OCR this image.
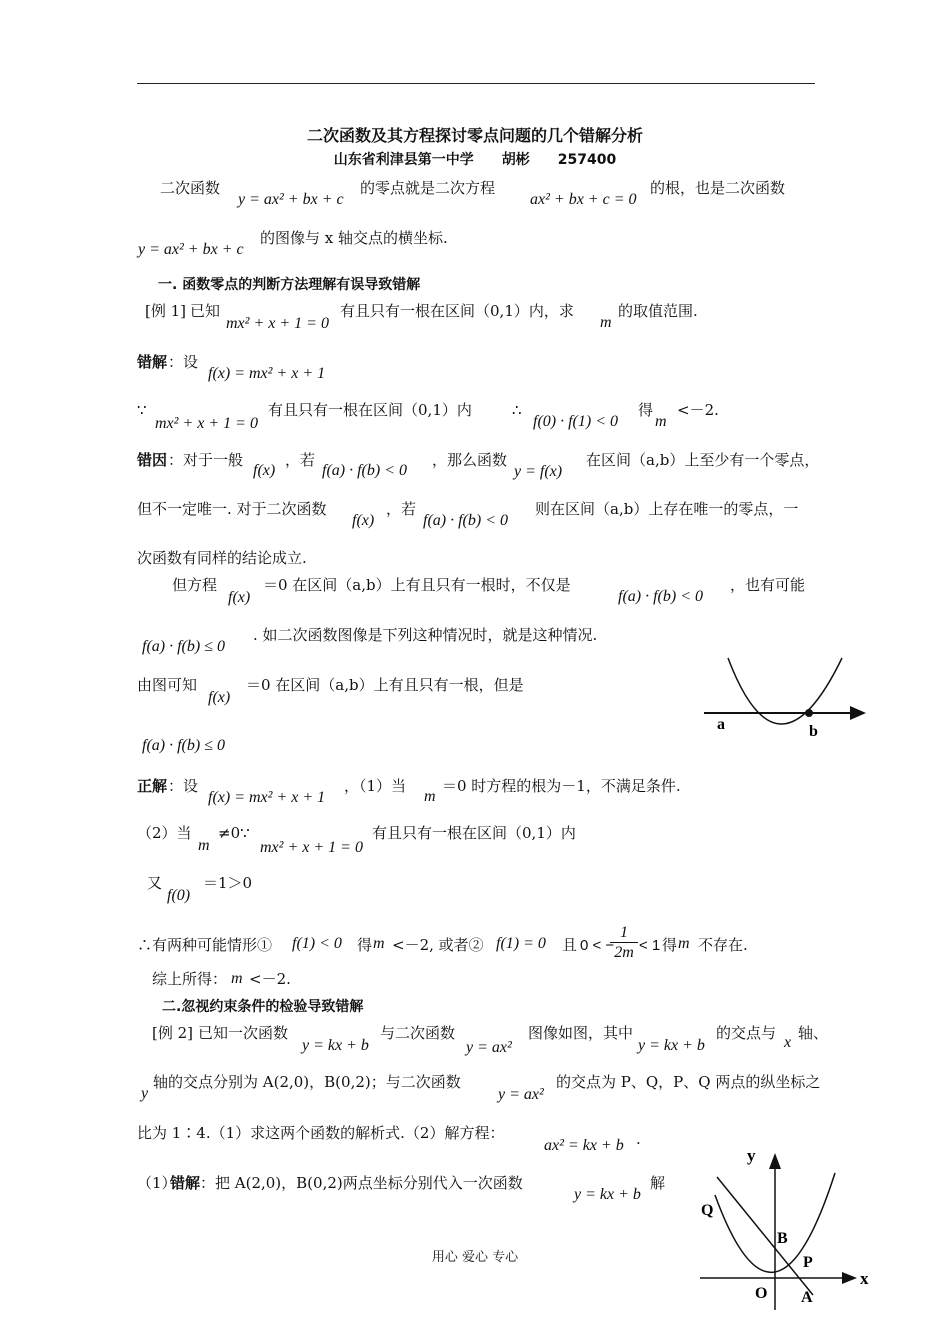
二次函数及其方程探讨零点问题的几个错解分析
山东省利津县第一中学　　胡彬　　257400
二次函数
y = ax² + bx + c
的零点就是二次方程
ax² + bx + c = 0
的根，也是二次函数
y = ax² + bx + c
的图像与 x 轴交点的横坐标.
一. 函数零点的判断方法理解有误导致错解
[例 1] 已知
mx² + x + 1 = 0
有且只有一根在区间（0,1）内，求
m
的取值范围.
错解 ：设
f(x) = mx² + x + 1
∵
mx² + x + 1 = 0
有且只有一根在区间（0,1）内	∴
f(0) · f(1) < 0
得
m
<－2.
错因 ：对于一般
f(x)
，若
f(a) · f(b) < 0
，那么函数
y = f(x)
在区间（a,b）上至少有一个零点，
但不一定唯一. 对于二次函数
f(x)
，若
f(a) · f(b) < 0
则在区间（a,b）上存在唯一的零点，一
次函数有同样的结论成立.
但方程
f(x)
＝0 在区间（a,b）上有且只有一根时，不仅是
f(a) · f(b) < 0
，也有可能
f(a) · f(b) ≤ 0
. 如二次函数图像是下列这种情况时，就是这种情况.
由图可知
f(x)
＝0 在区间（a,b）上有且只有一根，但是
f(a) · f(b) ≤ 0
a	b
正解 ：设
f(x) = mx² + x + 1
，（1）当
m
＝0 时方程的根为－1，不满足条件.
（2）当
m
≠0∵
mx² + x + 1 = 0
有且只有一根在区间（0,1）内
又
f(0)
＝1＞0
∴有两种可能情形① f(1) < 0 得 m <－2, 或者② f(1) = 0 且 0 < −
1
2m < 1 得 m 不存在.
综上所得： m <－2.
二.忽视约束条件的检验导致错解
[例 2] 已知一次函数
y = kx + b
与二次函数
y = ax²
图像如图，其中
y = kx + b
的交点与
x
轴、
y
轴的交点分别为 A(2,0)，B(0,2)；与二次函数
y = ax²
的交点为 P、Q，P、Q 两点的纵坐标之
比为 1∶4.（1）求这两个函数的解析式.（2）解方程：
ax² = kx + b .
（1）
错解 ：把 A(2,0)，B(0,2)两点坐标分别代入一次函数
y = kx + b
解
y
x
Q
B
P
O A
用心 爱心 专心
